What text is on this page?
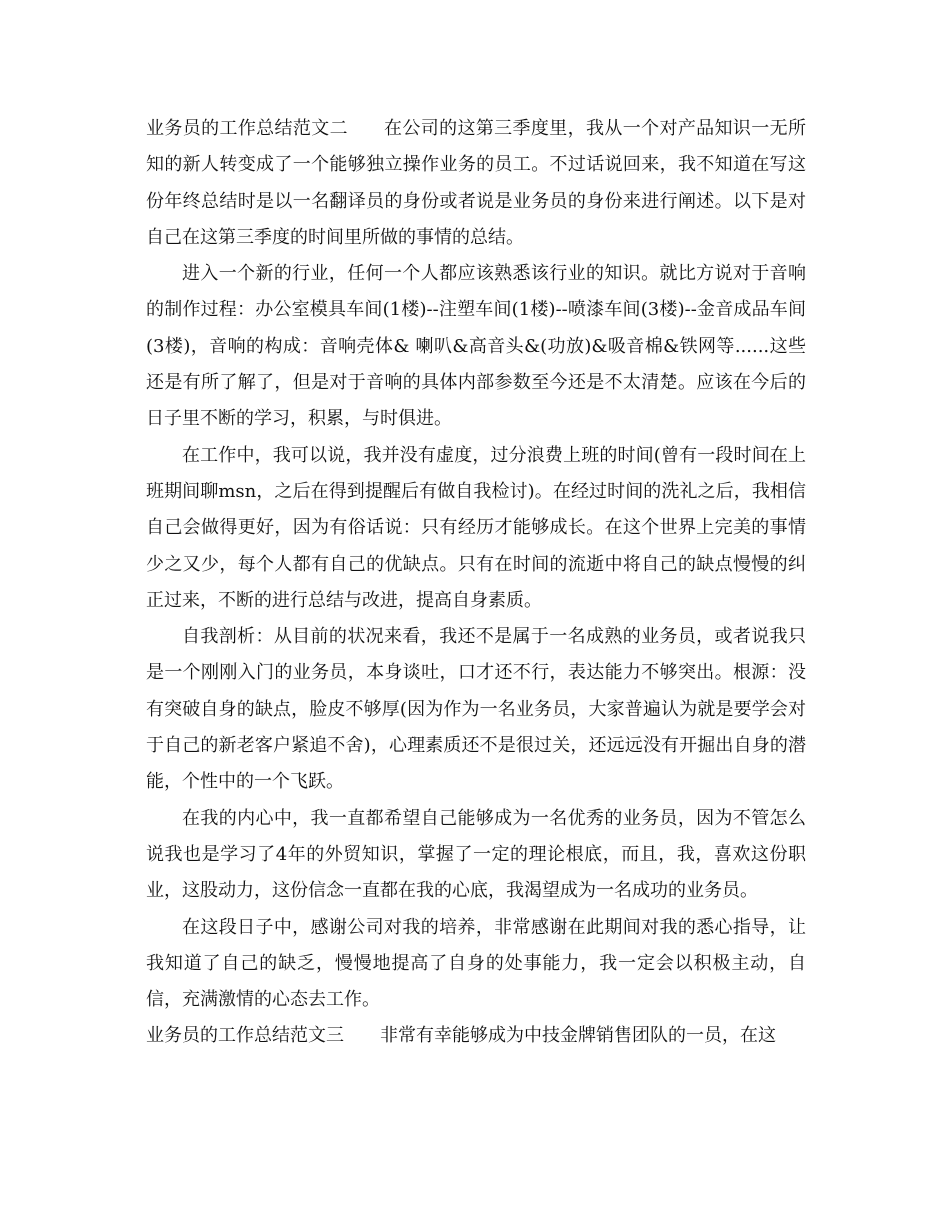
业务员的工作总结范文二 在公司的这第三季度里，我从一个对产品知识一无所知的新人转变成了一个能够独立操作业务的员工。不过话说回来，我不知道在写这份年终总结时是以一名翻译员的身份或者说是业务员的身份来进行阐述。以下是对自己在这第三季度的时间里所做的事情的总结。

进入一个新的行业，任何一个人都应该熟悉该行业的知识。就比方说对于音响的制作过程：办公室模具车间(1楼)--注塑车间(1楼)--喷漆车间(3楼)--金音成品车间(3楼)，音响的构成：音响壳体& 喇叭&高音头&(功放)&吸音棉&铁网等......这些还是有所了解了，但是对于音响的具体内部参数至今还是不太清楚。应该在今后的日子里不断的学习，积累，与时俱进。

在工作中，我可以说，我并没有虚度，过分浪费上班的时间(曾有一段时间在上班期间聊msn，之后在得到提醒后有做自我检讨)。在经过时间的洗礼之后，我相信自己会做得更好，因为有俗话说：只有经历才能够成长。在这个世界上完美的事情少之又少，每个人都有自己的优缺点。只有在时间的流逝中将自己的缺点慢慢的纠正过来，不断的进行总结与改进，提高自身素质。

自我剖析：从目前的状况来看，我还不是属于一名成熟的业务员，或者说我只是一个刚刚入门的业务员，本身谈吐，口才还不行，表达能力不够突出。根源：没有突破自身的缺点，脸皮不够厚(因为作为一名业务员，大家普遍认为就是要学会对于自己的新老客户紧追不舍)，心理素质还不是很过关，还远远没有开掘出自身的潜能，个性中的一个飞跃。

在我的内心中，我一直都希望自己能够成为一名优秀的业务员，因为不管怎么说我也是学习了4年的外贸知识，掌握了一定的理论根底，而且，我，喜欢这份职业，这股动力，这份信念一直都在我的心底，我渴望成为一名成功的业务员。

在这段日子中，感谢公司对我的培养，非常感谢在此期间对我的悉心指导，让我知道了自己的缺乏，慢慢地提高了自身的处事能力，我一定会以积极主动，自信，充满激情的心态去工作。

业务员的工作总结范文三 非常有幸能够成为中技金牌销售团队的一员，在这
